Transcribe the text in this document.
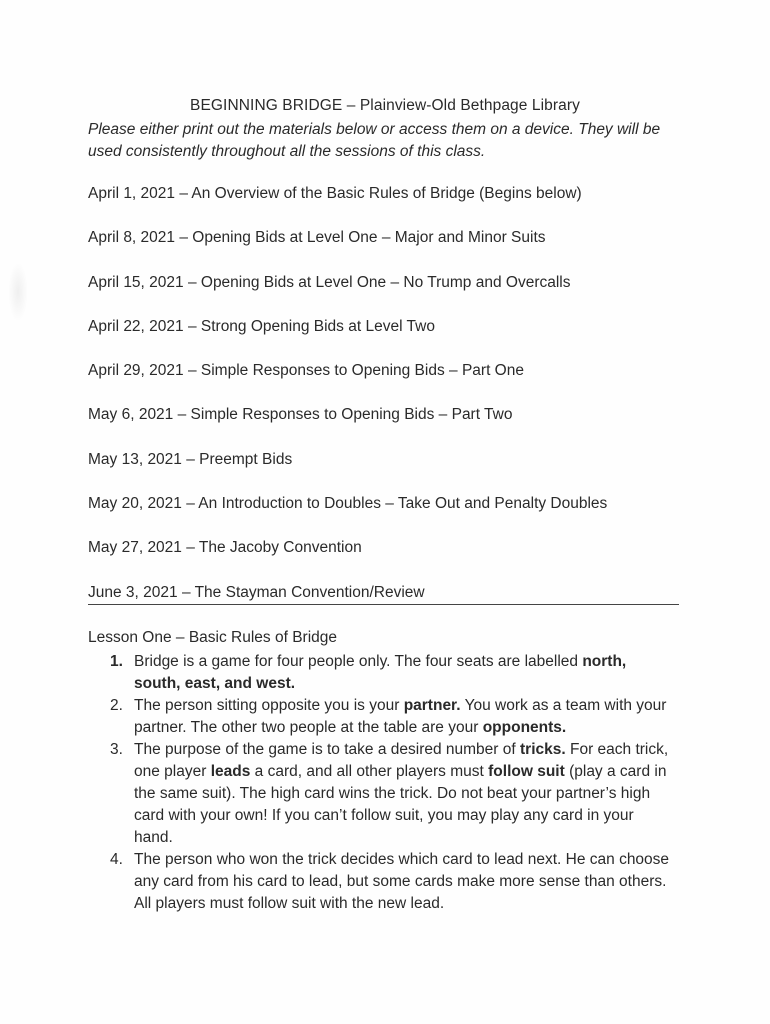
BEGINNING BRIDGE – Plainview-Old Bethpage Library
Please either print out the materials below or access them on a device. They will be used consistently throughout all the sessions of this class.
April 1, 2021 – An Overview of the Basic Rules of Bridge (Begins below)
April 8, 2021 – Opening Bids at Level One – Major and Minor Suits
April 15, 2021 – Opening Bids at Level One – No Trump and Overcalls
April 22, 2021 – Strong Opening Bids at Level Two
April 29, 2021 – Simple Responses to Opening Bids – Part One
May 6, 2021 – Simple Responses to Opening Bids – Part Two
May 13, 2021 – Preempt Bids
May 20, 2021 – An Introduction to Doubles – Take Out and Penalty Doubles
May 27, 2021 – The Jacoby Convention
June 3, 2021 – The Stayman Convention/Review
Lesson One – Basic Rules of Bridge
1. Bridge is a game for four people only. The four seats are labelled north, south, east, and west.
2. The person sitting opposite you is your partner. You work as a team with your partner. The other two people at the table are your opponents.
3. The purpose of the game is to take a desired number of tricks. For each trick, one player leads a card, and all other players must follow suit (play a card in the same suit). The high card wins the trick. Do not beat your partner’s high card with your own! If you can’t follow suit, you may play any card in your hand.
4. The person who won the trick decides which card to lead next. He can choose any card from his card to lead, but some cards make more sense than others. All players must follow suit with the new lead.
